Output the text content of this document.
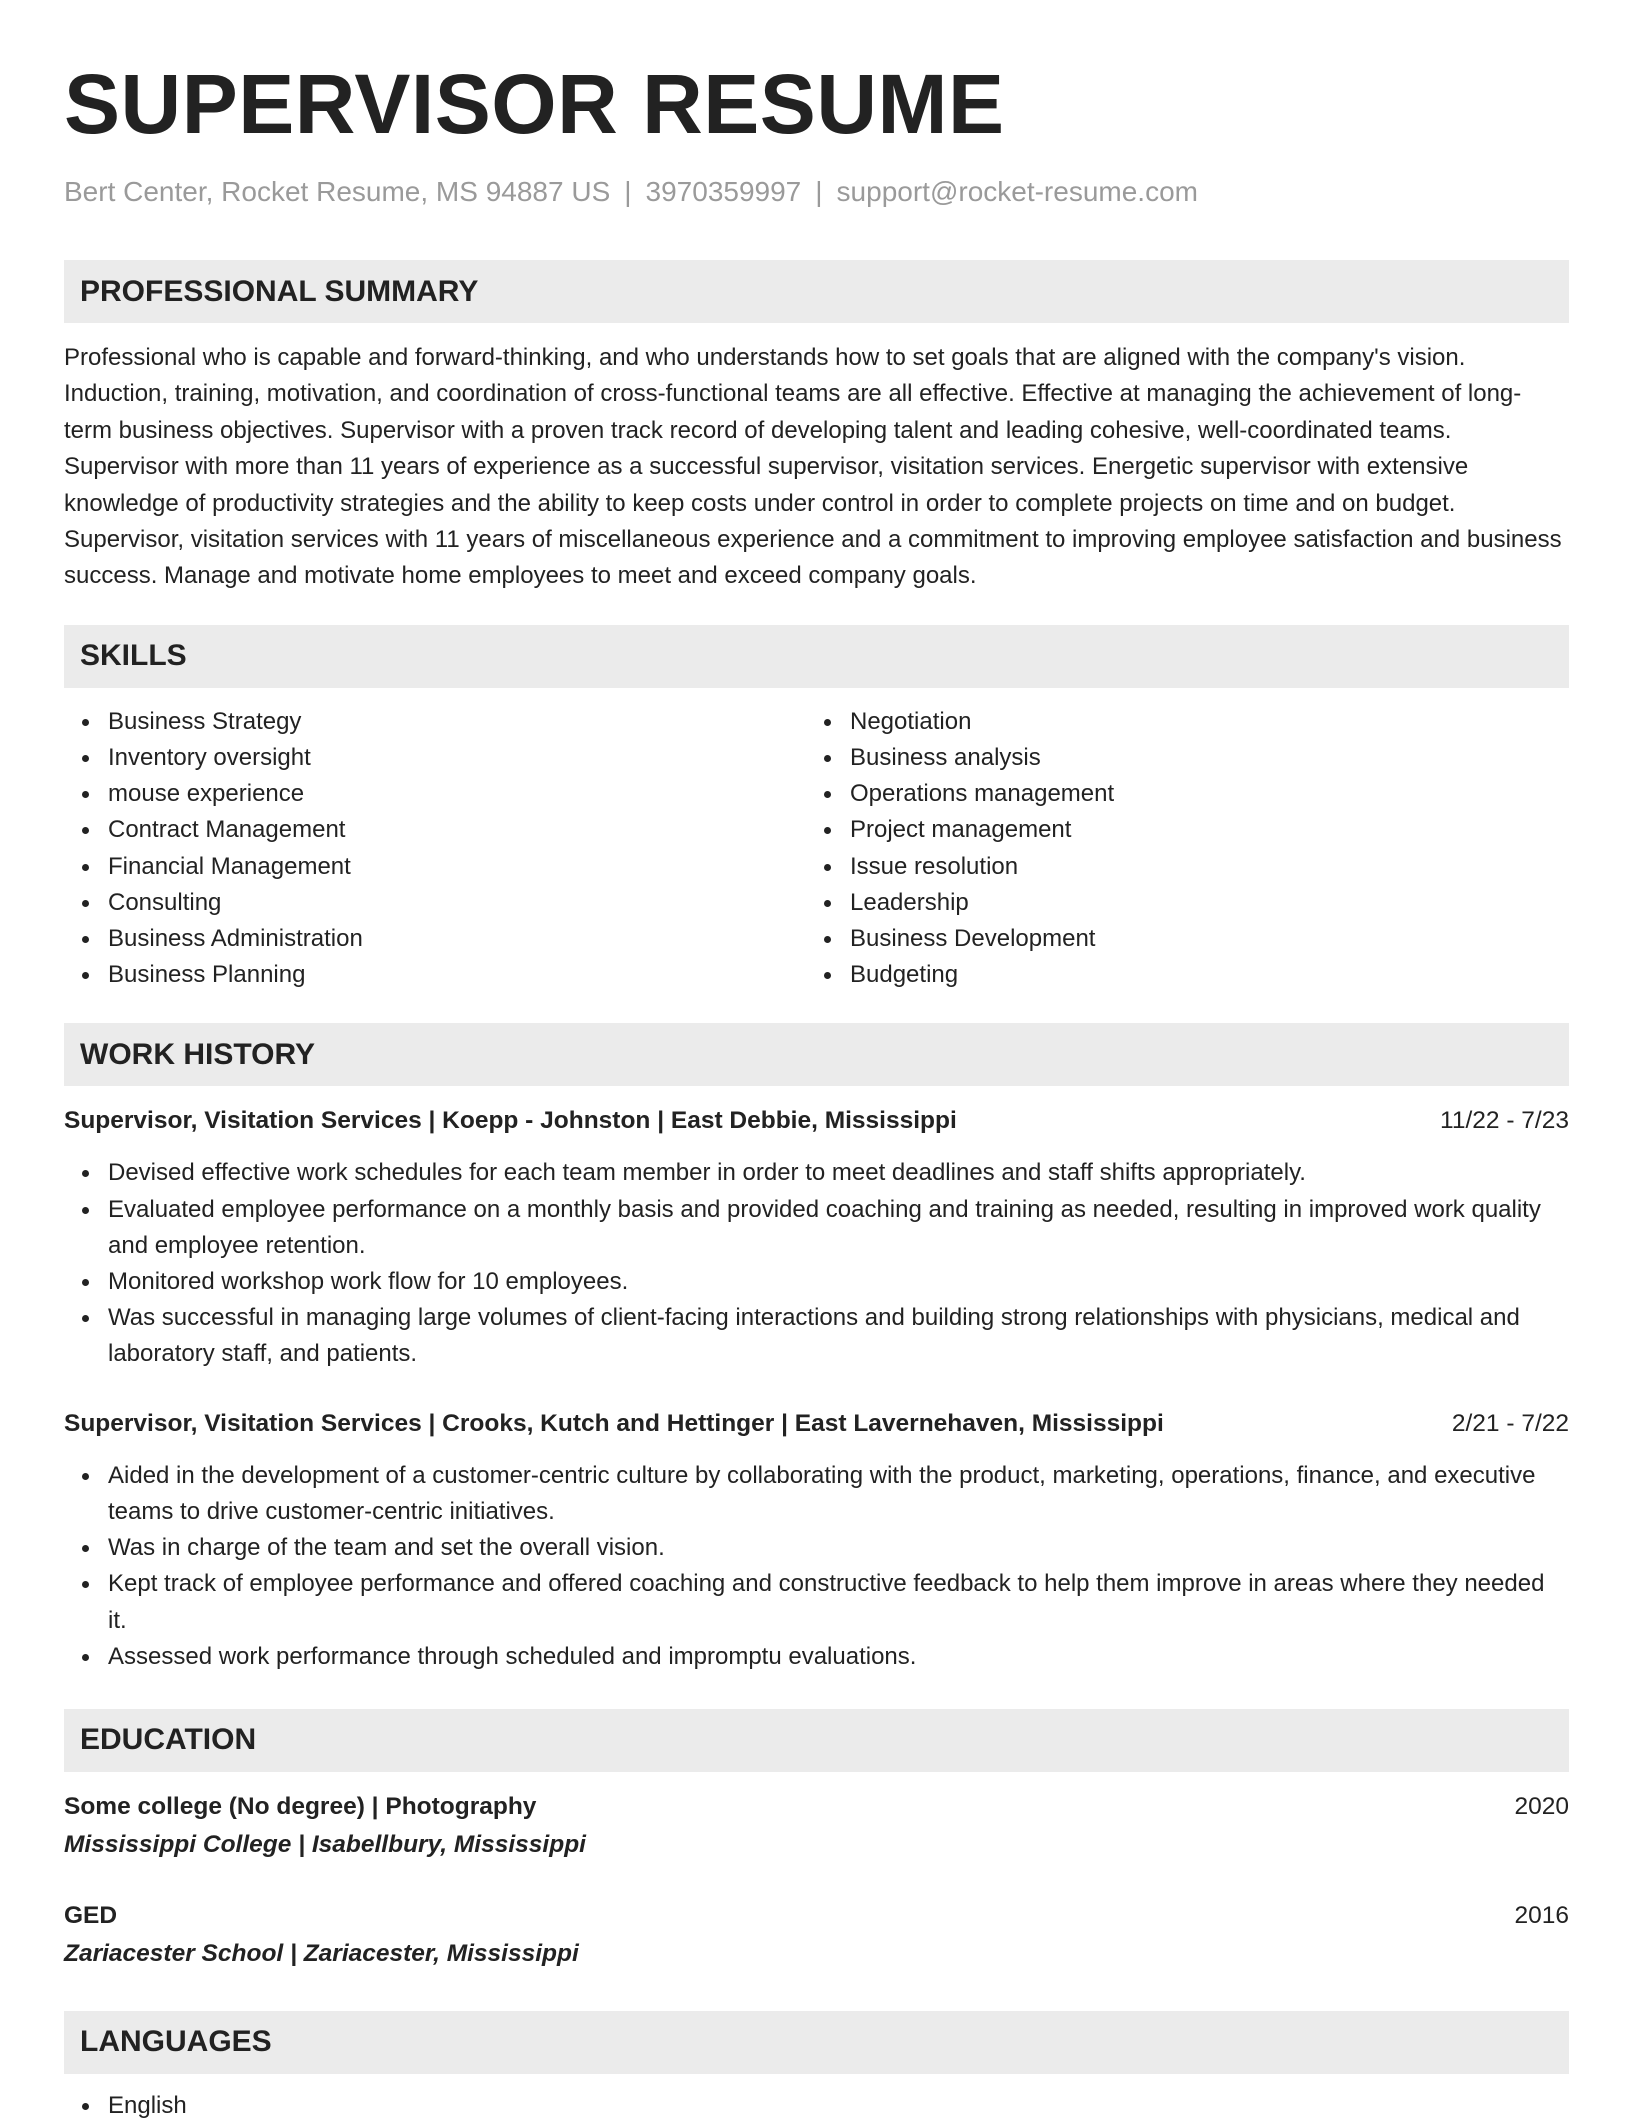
SUPERVISOR RESUME
Bert Center, Rocket Resume, MS 94887 US | 3970359997 | support@rocket-resume.com
PROFESSIONAL SUMMARY
Professional who is capable and forward-thinking, and who understands how to set goals that are aligned with the company's vision. Induction, training, motivation, and coordination of cross-functional teams are all effective. Effective at managing the achievement of long-term business objectives. Supervisor with a proven track record of developing talent and leading cohesive, well-coordinated teams. Supervisor with more than 11 years of experience as a successful supervisor, visitation services. Energetic supervisor with extensive knowledge of productivity strategies and the ability to keep costs under control in order to complete projects on time and on budget. Supervisor, visitation services with 11 years of miscellaneous experience and a commitment to improving employee satisfaction and business success. Manage and motivate home employees to meet and exceed company goals.
SKILLS
Business Strategy
Inventory oversight
mouse experience
Contract Management
Financial Management
Consulting
Business Administration
Business Planning
Negotiation
Business analysis
Operations management
Project management
Issue resolution
Leadership
Business Development
Budgeting
WORK HISTORY
Supervisor, Visitation Services | Koepp - Johnston | East Debbie, Mississippi	11/22 - 7/23
Devised effective work schedules for each team member in order to meet deadlines and staff shifts appropriately.
Evaluated employee performance on a monthly basis and provided coaching and training as needed, resulting in improved work quality and employee retention.
Monitored workshop work flow for 10 employees.
Was successful in managing large volumes of client-facing interactions and building strong relationships with physicians, medical and laboratory staff, and patients.
Supervisor, Visitation Services | Crooks, Kutch and Hettinger | East Lavernehaven, Mississippi	2/21 - 7/22
Aided in the development of a customer-centric culture by collaborating with the product, marketing, operations, finance, and executive teams to drive customer-centric initiatives.
Was in charge of the team and set the overall vision.
Kept track of employee performance and offered coaching and constructive feedback to help them improve in areas where they needed it.
Assessed work performance through scheduled and impromptu evaluations.
EDUCATION
Some college (No degree) | Photography	2020
Mississippi College | Isabellbury, Mississippi
GED	2016
Zariacester School | Zariacester, Mississippi
LANGUAGES
English
